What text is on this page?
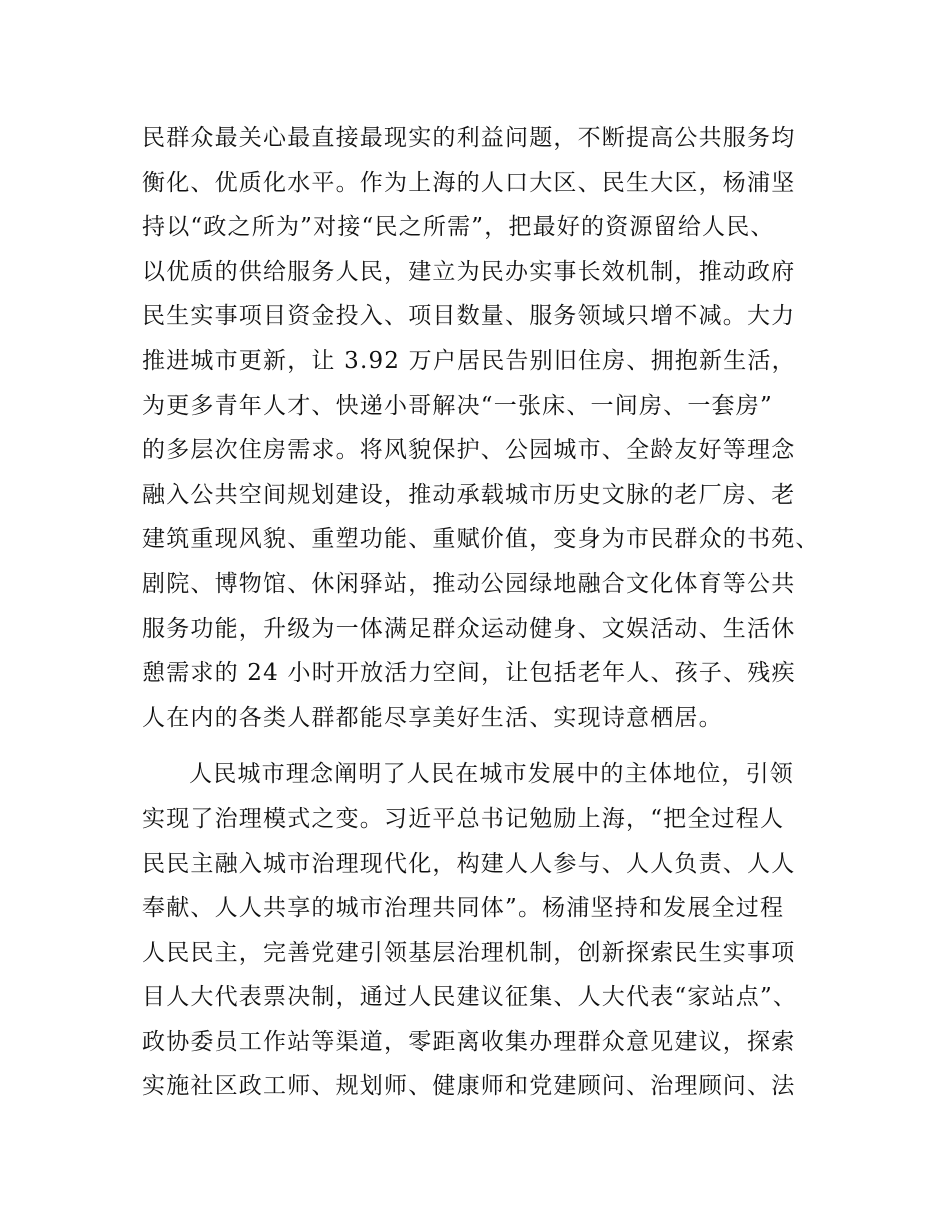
民群众最关心最直接最现实的利益问题，不断提高公共服务均
衡化、优质化水平。作为上海的人口大区、民生大区，杨浦坚
持以“政之所为”对接“民之所需”，把最好的资源留给人民、
以优质的供给服务人民，建立为民办实事长效机制，推动政府
民生实事项目资金投入、项目数量、服务领域只增不减。大力
推进城市更新，让 3.92 万户居民告别旧住房、拥抱新生活，
为更多青年人才、快递小哥解决“一张床、一间房、一套房”
的多层次住房需求。将风貌保护、公园城市、全龄友好等理念
融入公共空间规划建设，推动承载城市历史文脉的老厂房、老
建筑重现风貌、重塑功能、重赋价值，变身为市民群众的书苑、
剧院、博物馆、休闲驿站，推动公园绿地融合文化体育等公共
服务功能，升级为一体满足群众运动健身、文娱活动、生活休
憩需求的 24 小时开放活力空间，让包括老年人、孩子、残疾
人在内的各类人群都能尽享美好生活、实现诗意栖居。
人民城市理念阐明了人民在城市发展中的主体地位，引领
实现了治理模式之变。习近平总书记勉励上海，“把全过程人
民民主融入城市治理现代化，构建人人参与、人人负责、人人
奉献、人人共享的城市治理共同体”。杨浦坚持和发展全过程
人民民主，完善党建引领基层治理机制，创新探索民生实事项
目人大代表票决制，通过人民建议征集、人大代表“家站点”、
政协委员工作站等渠道，零距离收集办理群众意见建议，探索
实施社区政工师、规划师、健康师和党建顾问、治理顾问、法
